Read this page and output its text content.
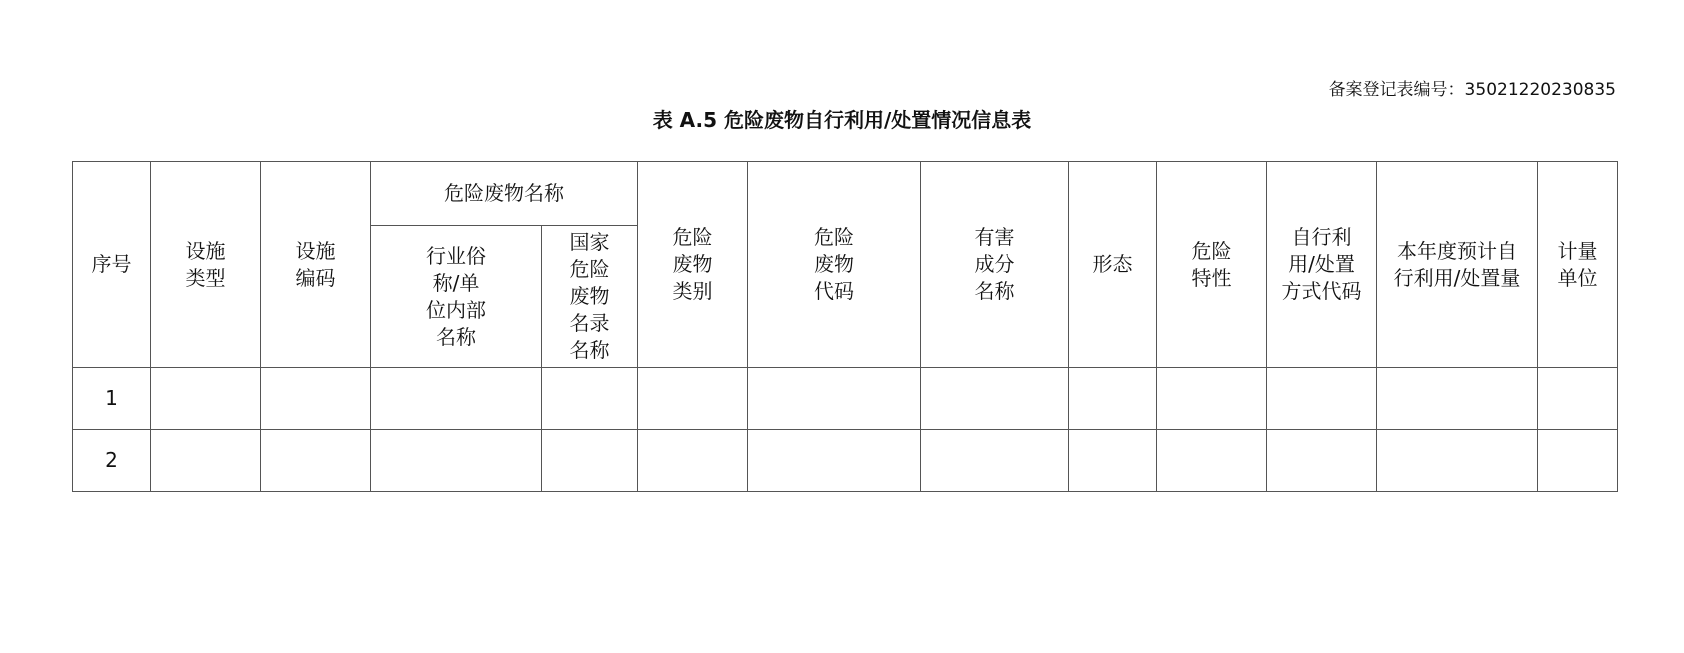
备案登记表编号：35021220230835
表 A.5 危险废物自行利用/处置情况信息表
序号	设施类型	设施编码	危险废物名称		危险废物类别	危险废物代码	有害成分名称	形态	危险特性	自行利用/处置方式代码	本年度预计自行利用/处置量	计量单位
			行业俗称/单位内部名称	国家危险废物名录名称								
1												
2												
